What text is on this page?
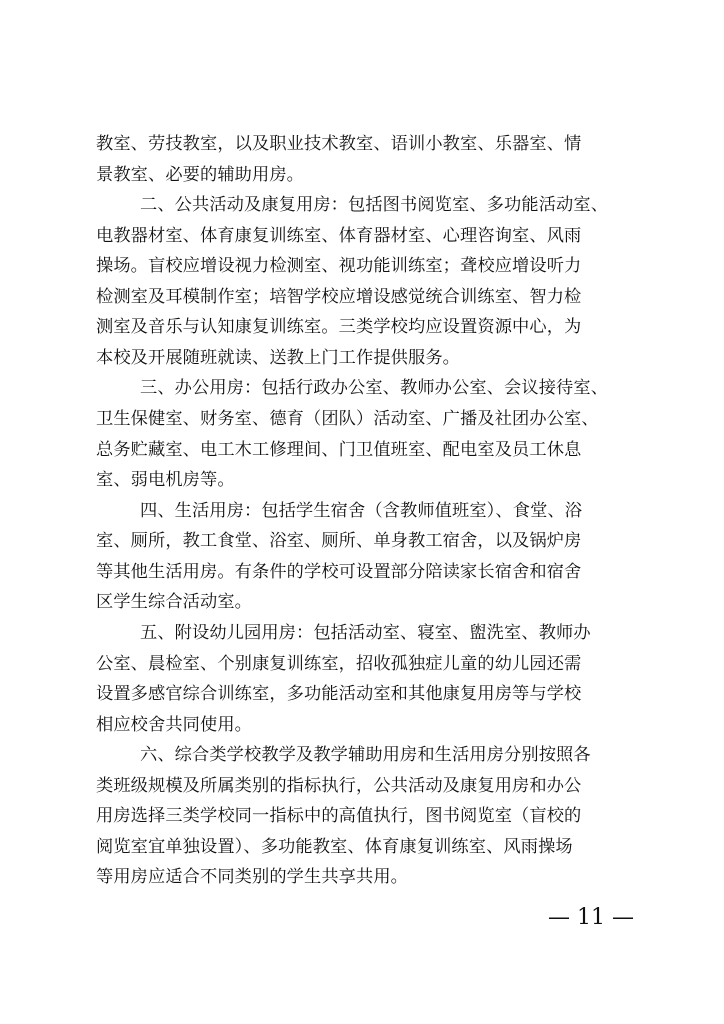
教室、劳技教室，以及职业技术教室、语训小教室、乐器室、情
景教室、必要的辅助用房。
二、公共活动及康复用房：包括图书阅览室、多功能活动室、
电教器材室、体育康复训练室、体育器材室、心理咨询室、风雨
操场。盲校应增设视力检测室、视功能训练室；聋校应增设听力
检测室及耳模制作室；培智学校应增设感觉统合训练室、智力检
测室及音乐与认知康复训练室。三类学校均应设置资源中心，为
本校及开展随班就读、送教上门工作提供服务。
三、办公用房：包括行政办公室、教师办公室、会议接待室、
卫生保健室、财务室、德育（团队）活动室、广播及社团办公室、
总务贮藏室、电工木工修理间、门卫值班室、配电室及员工休息
室、弱电机房等。
四、生活用房：包括学生宿舍（含教师值班室）、食堂、浴
室、厕所，教工食堂、浴室、厕所、单身教工宿舍，以及锅炉房
等其他生活用房。有条件的学校可设置部分陪读家长宿舍和宿舍
区学生综合活动室。
五、附设幼儿园用房：包括活动室、寝室、盥洗室、教师办
公室、晨检室、个别康复训练室，招收孤独症儿童的幼儿园还需
设置多感官综合训练室，多功能活动室和其他康复用房等与学校
相应校舍共同使用。
六、综合类学校教学及教学辅助用房和生活用房分别按照各
类班级规模及所属类别的指标执行，公共活动及康复用房和办公
用房选择三类学校同一指标中的高值执行，图书阅览室（盲校的
阅览室宜单独设置）、多功能教室、体育康复训练室、风雨操场
等用房应适合不同类别的学生共享共用。
— 11 —
